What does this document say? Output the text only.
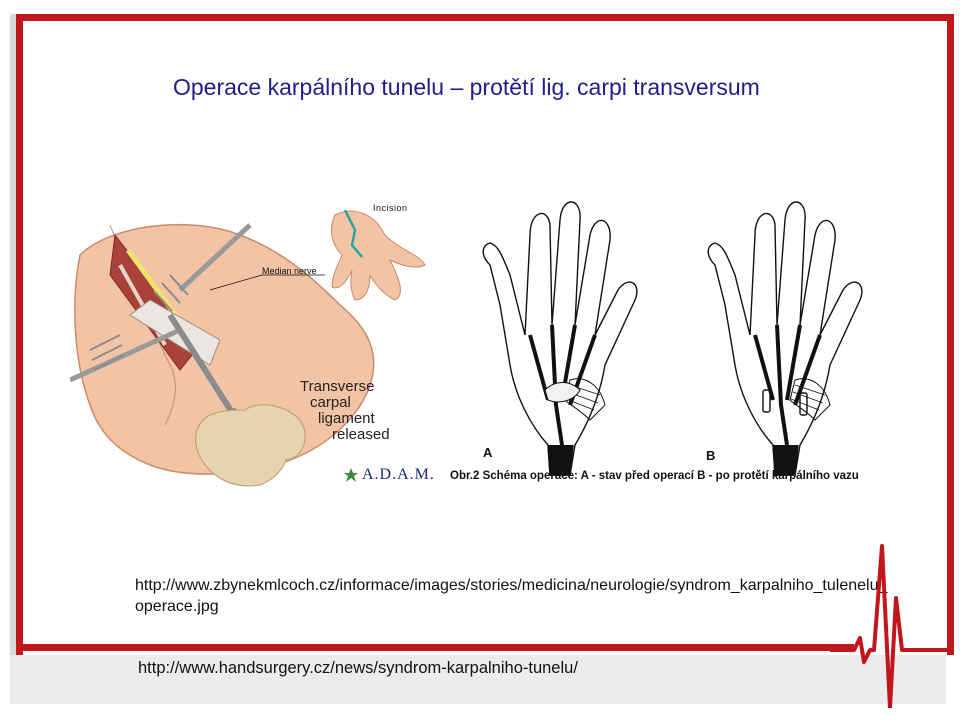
Operace karpálního tunelu – protětí lig. carpi transversum
Incision
Median nerve
Transverse
carpal
ligament
released
A.D.A.M.
A	B
Obr.2 Schéma operace: A - stav před operací B - po protětí karpálního vazu
http://www.zbynekmlcoch.cz/informace/images/stories/medicina/neurologie/syndrom_karpalniho_tulenelu_operace.jpg
http://www.handsurgery.cz/news/syndrom-karpalniho-tunelu/
